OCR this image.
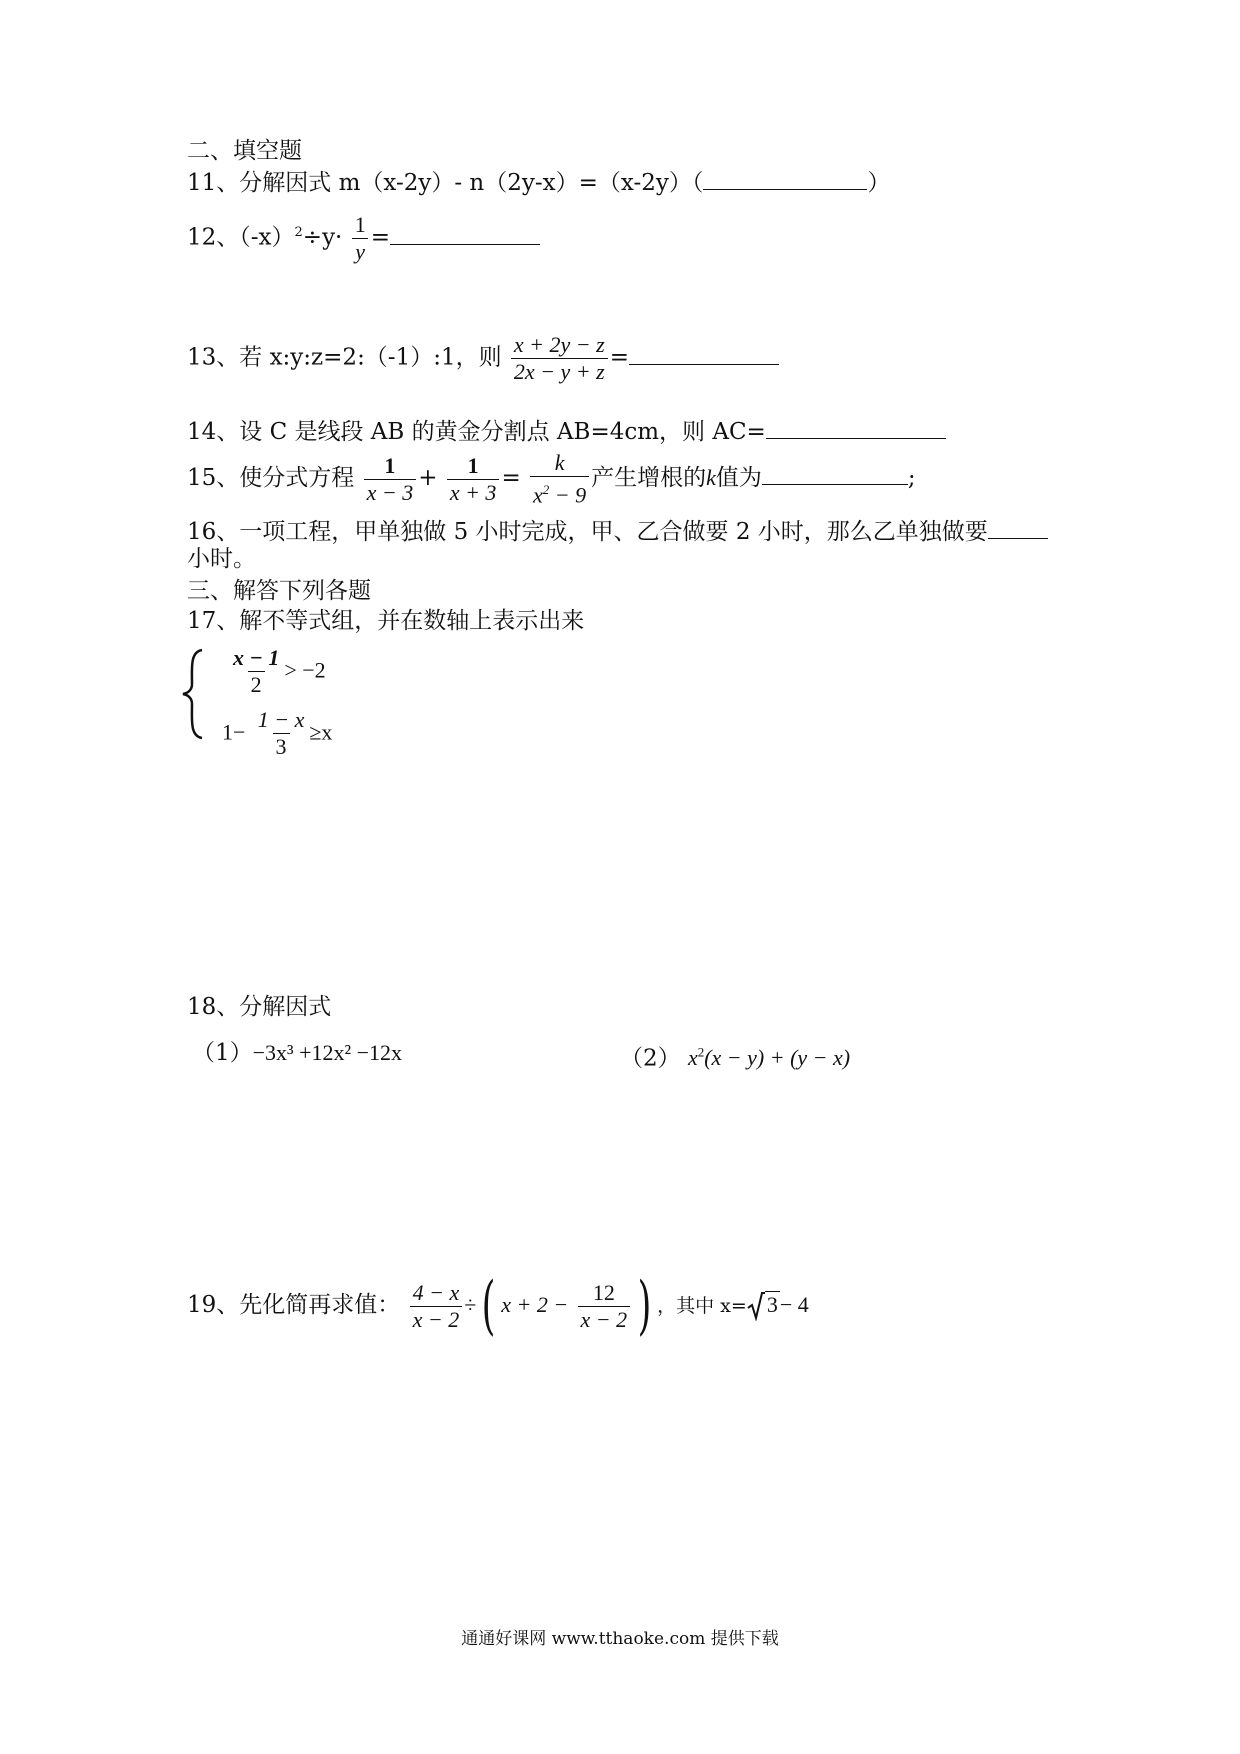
二、填空题
11、分解因式 m（x-2y）- n（2y-x）=（x-2y）（	）
12、$(-x)^2\div y\cdot \frac{1}{y}$ =
13、若 x:y:z=2:（-1）:1，则 $\frac{x + 2y - z}{2x - y + z}$ =
14、设 C 是线段 AB 的黄金分割点 AB=4cm，则 AC=
15、使分式方程 $\frac{1}{x - 3} + \frac{1}{x + 3} = \frac{k}{x^2 - 9}$ 产生增根的k值为	;
16、一项工程，甲单独做 5 小时完成，甲、乙合做要 2 小时，那么乙单独做要
小时。
三、解答下列各题
17、解不等式组，并在数轴上表示出来
$\frac{x - 1}{2} > -2$
$1- \frac{1 - x}{3} \ge x$
18、分解因式
（1）−3x³ +12x² −12x	（2） $x^2(x - y) + (y - x)$
19、先化简再求值： $\frac{4 - x}{x - 2}$ ÷( $x + 2 - \frac{12}{x - 2}$ ) ，其中 x= 3− 4
通通好课网 www.tthaoke.com 提供下载
